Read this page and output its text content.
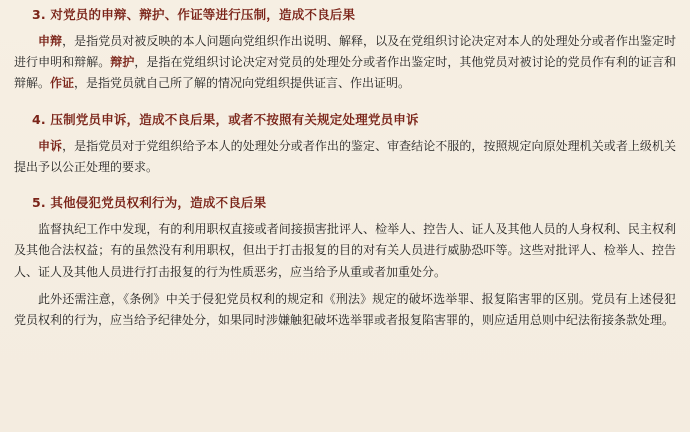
3. 对党员的申辩、辩护、作证等进行压制，造成不良后果

申辩，是指党员对被反映的本人问题向党组织作出说明、解释，以及在党组织讨论决定对本人的处理处分或者作出鉴定时进行申明和辩解。辩护，是指在党组织讨论决定对党员的处理处分或者作出鉴定时，其他党员对被讨论的党员作有利的证言和辩解。作证，是指党员就自己所了解的情况向党组织提供证言、作出证明。

4. 压制党员申诉，造成不良后果，或者不按照有关规定处理党员申诉

申诉，是指党员对于党组织给予本人的处理处分或者作出的鉴定、审查结论不服的，按照规定向原处理机关或者上级机关提出予以公正处理的要求。

5. 其他侵犯党员权利行为，造成不良后果

监督执纪工作中发现，有的利用职权直接或者间接损害批评人、检举人、控告人、证人及其他人员的人身权利、民主权利及其他合法权益；有的虽然没有利用职权，但出于打击报复的目的对有关人员进行威胁恐吓等。这些对批评人、检举人、控告人、证人及其他人员进行打击报复的行为性质恶劣，应当给予从重或者加重处分。

此外还需注意，《条例》中关于侵犯党员权利的规定和《刑法》规定的破坏选举罪、报复陷害罪的区别。党员有上述侵犯党员权利的行为，应当给予纪律处分，如果同时涉嫌触犯破坏选举罪或者报复陷害罪的，则应适用总则中纪法衔接条款处理。
